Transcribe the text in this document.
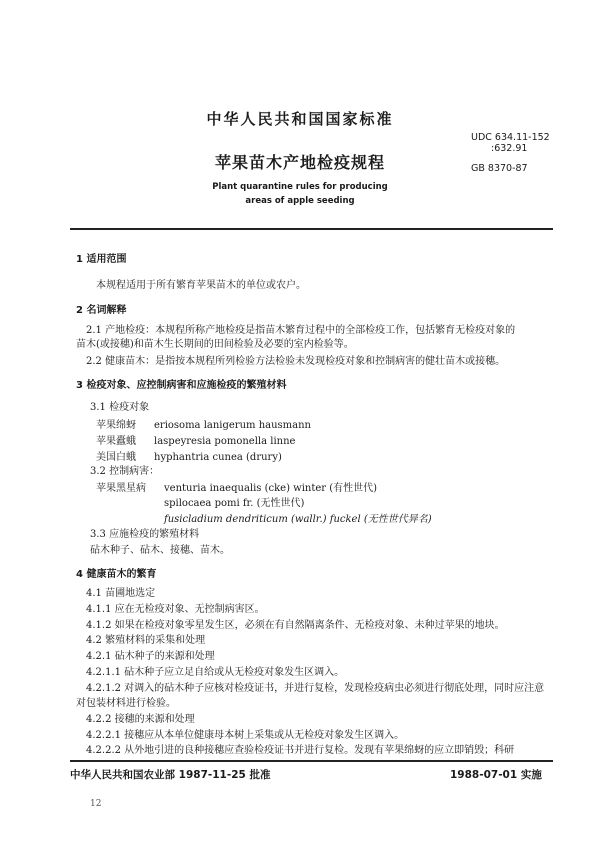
中华人民共和国国家标准
UDC 634.11-152
:632.91
苹果苗木产地检疫规程	GB 8370-87
Plant quarantine rules for producing
areas of apple seeding
1 适用范围
本规程适用于所有繁育苹果苗木的单位或农户。
2 名词解释
2.1 产地检疫：本规程所称产地检疫是指苗木繁育过程中的全部检疫工作，包括繁育无检疫对象的
苗木(或接穗)和苗木生长期间的田间检验及必要的室内检验等。
2.2 健康苗木：是指按本规程所列检验方法检验未发现检疫对象和控制病害的健壮苗木或接穗。
3 检疫对象、应控制病害和应施检疫的繁殖材料
3.1 检疫对象
苹果绵蚜 eriosoma lanigerum hausmann
苹果蠹蛾 laspeyresia pomonella linne
美国白蛾 hyphantria cunea (drury)
3.2 控制病害：
苹果黑星病 venturia inaequalis (cke) winter (有性世代)
spilocaea pomi fr. (无性世代)
fusicladium dendriticum (wallr.) fuckel (无性世代异名)
3.3 应施检疫的繁殖材料
砧木种子、砧木、接穗、苗木。
4 健康苗木的繁育
4.1 苗圃地选定
4.1.1 应在无检疫对象、无控制病害区。
4.1.2 如果在检疫对象零星发生区，必须在有自然隔离条件、无检疫对象、未种过苹果的地块。
4.2 繁殖材料的采集和处理
4.2.1 砧木种子的来源和处理
4.2.1.1 砧木种子应立足自给或从无检疫对象发生区调入。
4.2.1.2 对调入的砧木种子应核对检疫证书，并进行复检，发现检疫病虫必须进行彻底处理，同时应注意
对包装材料进行检验。
4.2.2 接穗的来源和处理
4.2.2.1 接穗应从本单位健康母本树上采集或从无检疫对象发生区调入。
4.2.2.2 从外地引进的良种接穗应查验检疫证书并进行复检。发现有苹果绵蚜的应立即销毁；科研
中华人民共和国农业部 1987-11-25 批准	1988-07-01 实施
12
